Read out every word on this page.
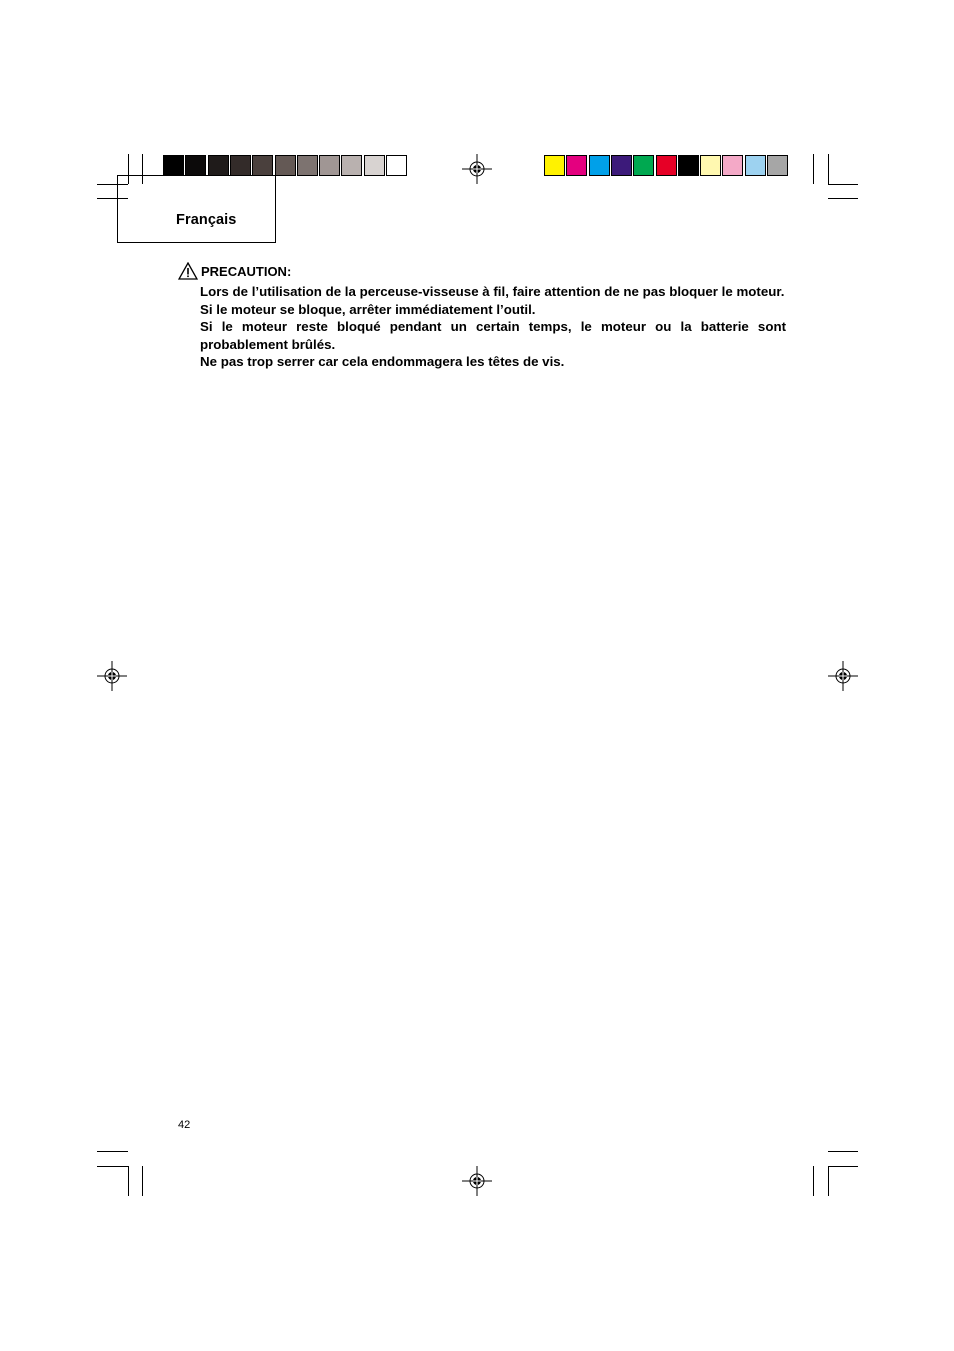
Français
PRECAUTION:

Lors de l’utilisation de la perceuse-visseuse à fil, faire attention de ne pas bloquer le moteur.

Si le moteur se bloque, arrêter immédiatement l’outil.

Si le moteur reste bloqué pendant un certain temps, le moteur ou la batterie sont probablement brûlés.

Ne pas trop serrer car cela endommagera les têtes de vis.

42
